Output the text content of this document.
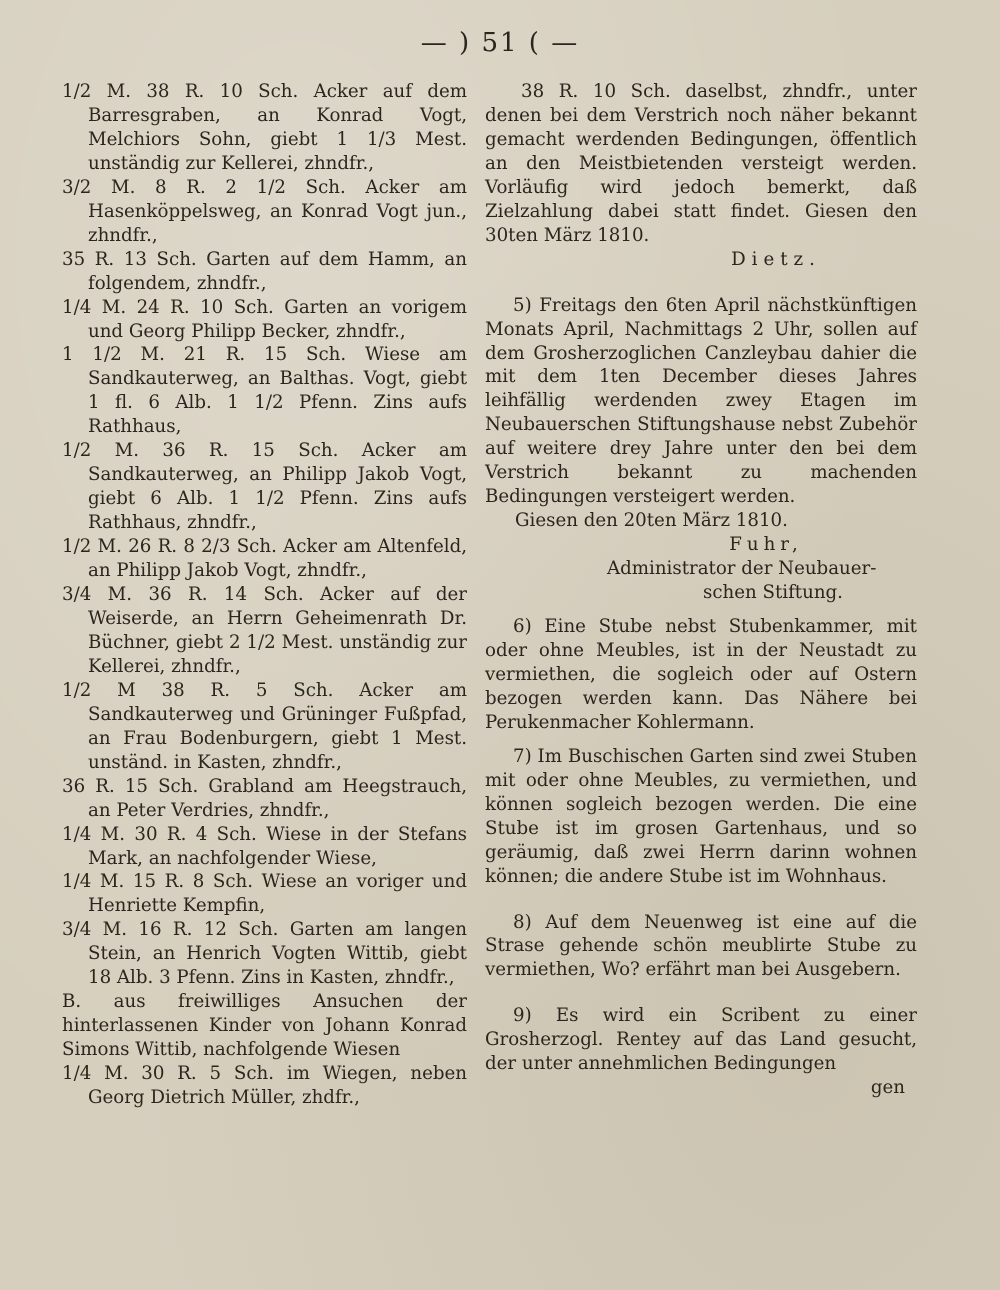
— ) 51 ( —

1/2 M. 38 R. 10 Sch. Acker auf dem Barresgraben, an Konrad Vogt, Melchiors Sohn, giebt 1 1/3 Mest. unständig zur Kellerei, zhndfr.,

3/2 M. 8 R. 2 1/2 Sch. Acker am Hasenköppelsweg, an Konrad Vogt jun., zhndfr.,

35 R. 13 Sch. Garten auf dem Hamm, an folgendem, zhndfr.,

1/4 M. 24 R. 10 Sch. Garten an vorigem und Georg Philipp Becker, zhndfr.,

1 1/2 M. 21 R. 15 Sch. Wiese am Sandkauterweg, an Balthas. Vogt, giebt 1 fl. 6 Alb. 1 1/2 Pfenn. Zins aufs Rathhaus,

1/2 M. 36 R. 15 Sch. Acker am Sandkauterweg, an Philipp Jakob Vogt, giebt 6 Alb. 1 1/2 Pfenn. Zins aufs Rathhaus, zhndfr.,

1/2 M. 26 R. 8 2/3 Sch. Acker am Altenfeld, an Philipp Jakob Vogt, zhndfr.,

3/4 M. 36 R. 14 Sch. Acker auf der Weiserde, an Herrn Geheimenrath Dr. Büchner, giebt 2 1/2 Mest. unständig zur Kellerei, zhndfr.,

1/2 M 38 R. 5 Sch. Acker am Sandkauterweg und Grüninger Fußpfad, an Frau Bodenburgern, giebt 1 Mest. unständ. in Kasten, zhndfr.,

36 R. 15 Sch. Grabland am Heegstrauch, an Peter Verdries, zhndfr.,

1/4 M. 30 R. 4 Sch. Wiese in der Stefans Mark, an nachfolgender Wiese,

1/4 M. 15 R. 8 Sch. Wiese an voriger und Henriette Kempfin,

3/4 M. 16 R. 12 Sch. Garten am langen Stein, an Henrich Vogten Wittib, giebt 18 Alb. 3 Pfenn. Zins in Kasten, zhndfr.,

B. aus freiwilliges Ansuchen der hinterlassenen Kinder von Johann Konrad Simons Wittib, nachfolgende Wiesen

1/4 M. 30 R. 5 Sch. im Wiegen, neben Georg Dietrich Müller, zhdfr.,

38 R. 10 Sch. daselbst, zhndfr., unter denen bei dem Verstrich noch näher bekannt gemacht werdenden Bedingungen, öffentlich an den Meistbietenden versteigt werden. Vorläufig wird jedoch bemerkt, daß Zielzahlung dabei statt findet. Giesen den 30ten März 1810.

Dietz.

5) Freitags den 6ten April nächstkünftigen Monats April, Nachmittags 2 Uhr, sollen auf dem Grosherzoglichen Canzleybau dahier die mit dem 1ten December dieses Jahres leihfällig werdenden zwey Etagen im Neubauerschen Stiftungshause nebst Zubehör auf weitere drey Jahre unter den bei dem Verstrich bekannt zu machenden Bedingungen versteigert werden.

Giesen den 20ten März 1810.

Fuhr,

Administrator der Neubauer-

schen Stiftung.

6) Eine Stube nebst Stubenkammer, mit oder ohne Meubles, ist in der Neustadt zu vermiethen, die sogleich oder auf Ostern bezogen werden kann. Das Nähere bei Perukenmacher Kohlermann.

7) Im Buschischen Garten sind zwei Stuben mit oder ohne Meubles, zu vermiethen, und können sogleich bezogen werden. Die eine Stube ist im grosen Gartenhaus, und so geräumig, daß zwei Herrn darinn wohnen können; die andere Stube ist im Wohnhaus.

8) Auf dem Neuenweg ist eine auf die Strase gehende schön meublirte Stube zu vermiethen, Wo? erfährt man bei Ausgebern.

9) Es wird ein Scribent zu einer Grosherzogl. Rentey auf das Land gesucht, der unter annehmlichen Bedingungen

gen
